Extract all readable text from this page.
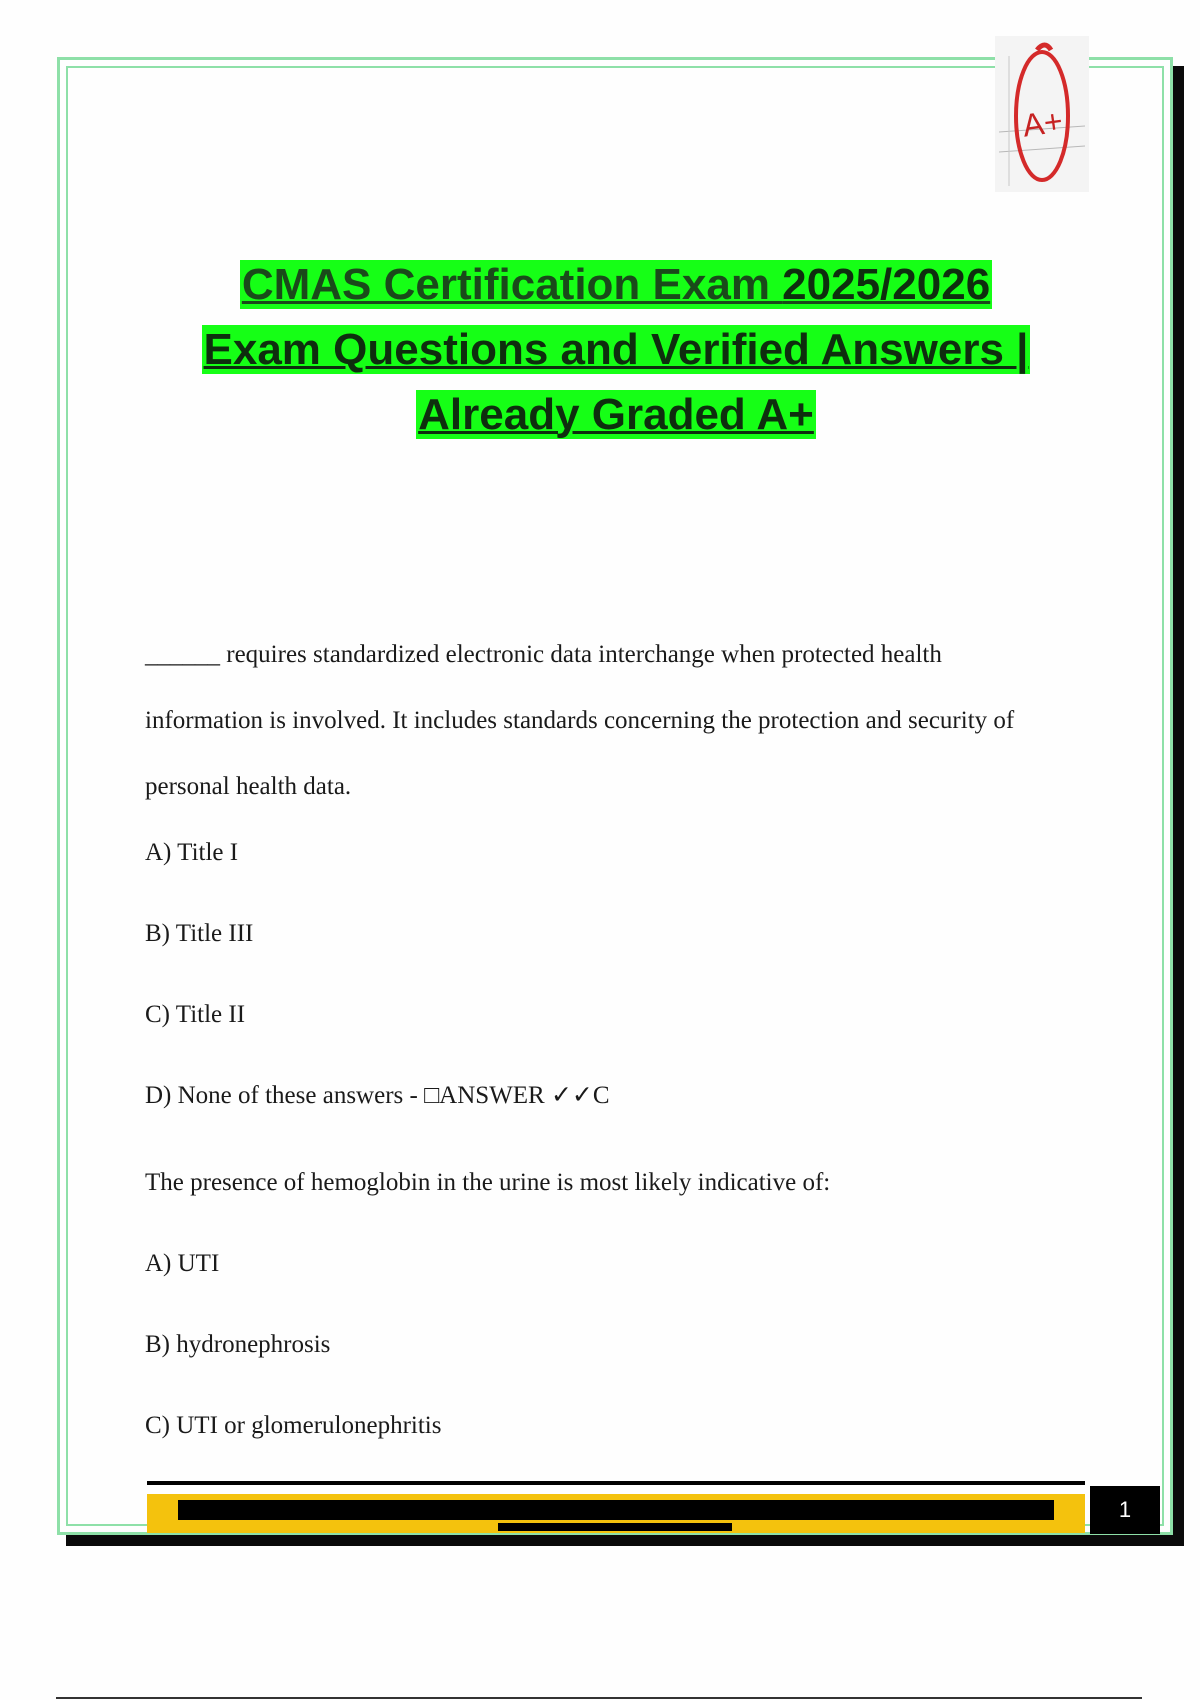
A+
CMAS Certification Exam 2025/2026
Exam Questions and Verified Answers |
Already Graded A+

______ requires standardized electronic data interchange when protected health information is involved. It includes standards concerning the protection and security of personal health data.

A) Title I

B) Title III

C) Title II

D) None of these answers - □ANSWER ✓✓C

The presence of hemoglobin in the urine is most likely indicative of:

A) UTI

B) hydronephrosis

C) UTI or glomerulonephritis

1
